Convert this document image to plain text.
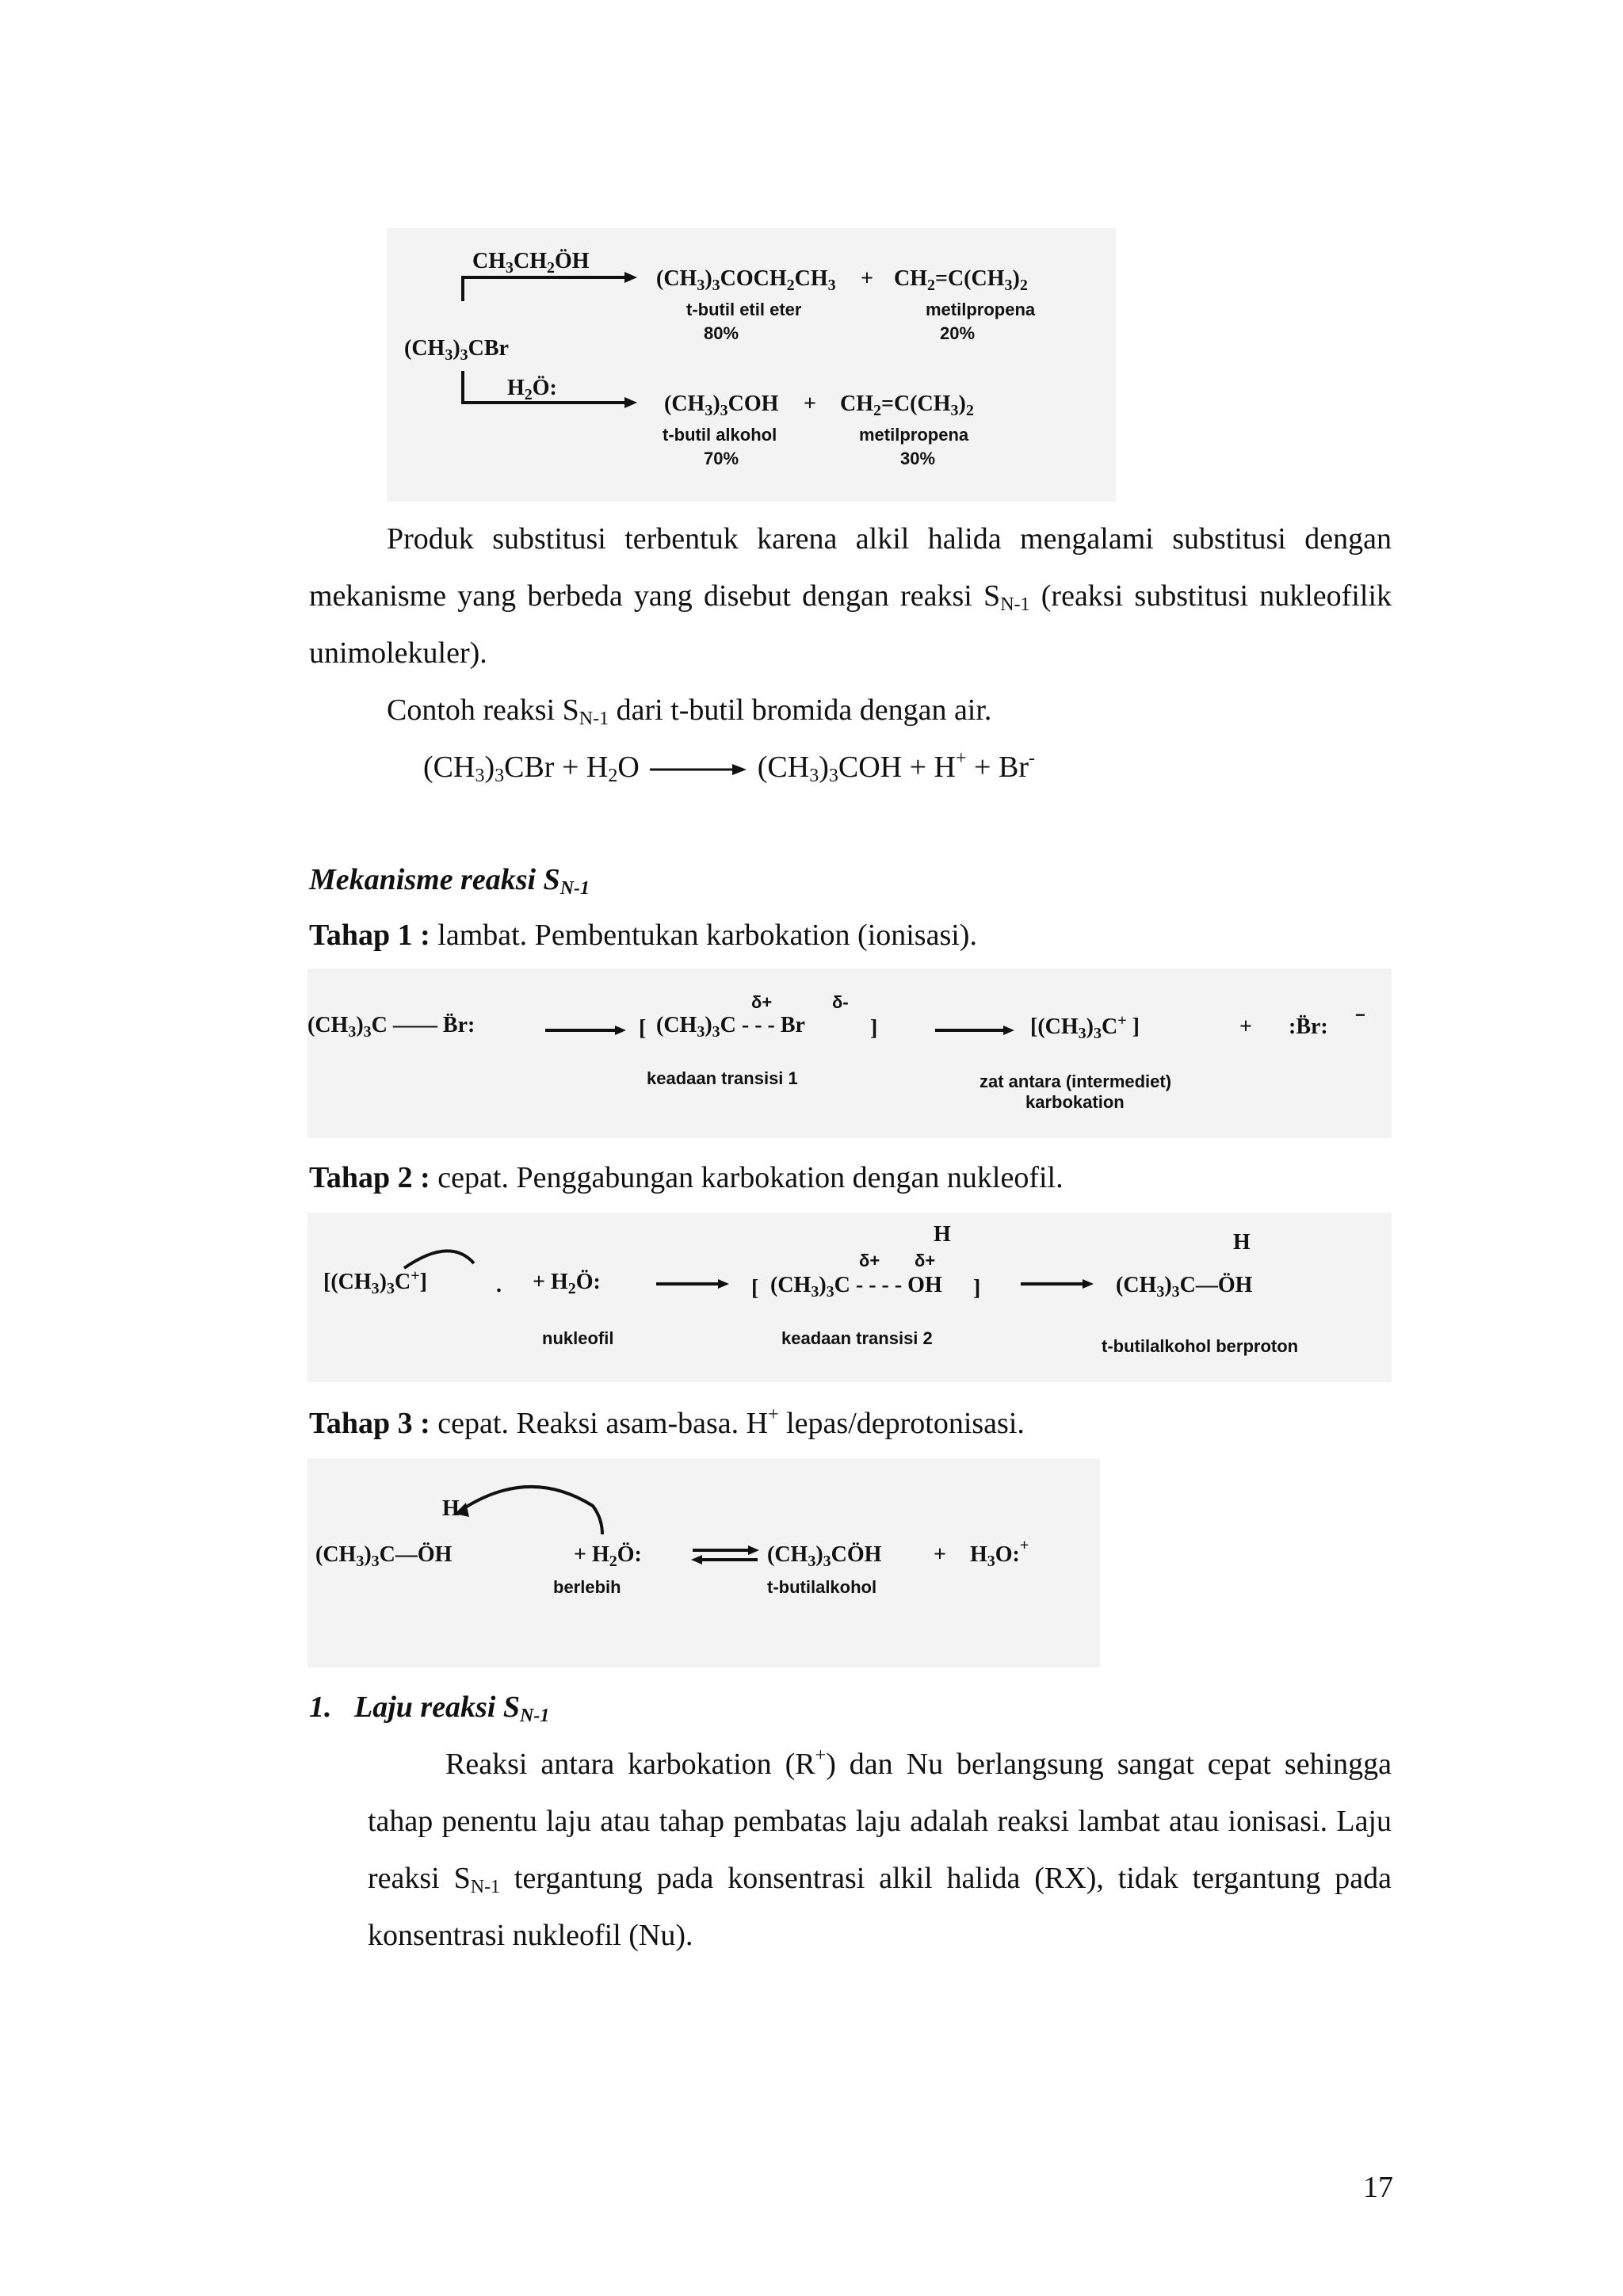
$CH_3CH_2ÖH$
$(CH_3)_3COCH_2CH_3 + CH_2=C(CH_3)_2$
t-butil etil eter	metilpropena
80%	20%
$(CH_3)_3CBr$
$H_2Ö$:
$(CH_3)_3COH + CH_2=C(CH_3)_2$
t-butil alkohol	metilpropena
70%	30%

Produk substitusi terbentuk karena alkil halida mengalami substitusi dengan mekanisme yang berbeda yang disebut dengan reaksi SN-1 (reaksi substitusi nukleofilik unimolekuler).

Contoh reaksi SN-1 dari t-butil bromida dengan air.

$(CH_3)_3CBr + H_2O \to (CH_3)_3COH + H^+ + Br^-$
Mekanisme reaksi SN-1

Tahap 1 : lambat. Pembentukan karbokation (ionisasi).

$(CH_3)_3C$ —— B̈r:	[ $(CH_3)_3C$ - - - Br
δ+	δ-
]
keadaan transisi 1
[$(CH_3)_3C^+$ ]	+ :B̈r: −
zat antara (intermediet)
karbokation

Tahap 2 : cepat. Penggabungan karbokation dengan nukleofil.

$[(CH_3)_3C^+]$	. + $H_2Ö$:	[ $(CH_3)_3C$ - - - - OH
δ+ δ+
H
]	$(CH_3)_3C—ÖH$
H
nukleofil	keadaan transisi 2	t-butilalkohol berproton

Tahap 3 : cepat. Reaksi asam-basa. H+ lepas/deprotonisasi.

H
$(CH_3)_3C—ÖH$	+ $H_2Ö$:
berlebih
$(CH_3)_3CÖH$ + $H_3O:^+$
t-butilalkohol
1.   Laju reaksi SN-1

Reaksi antara karbokation (R+) dan Nu berlangsung sangat cepat sehingga tahap penentu laju atau tahap pembatas laju adalah reaksi lambat atau ionisasi. Laju reaksi SN-1 tergantung pada konsentrasi alkil halida (RX), tidak tergantung pada konsentrasi nukleofil (Nu).

17
